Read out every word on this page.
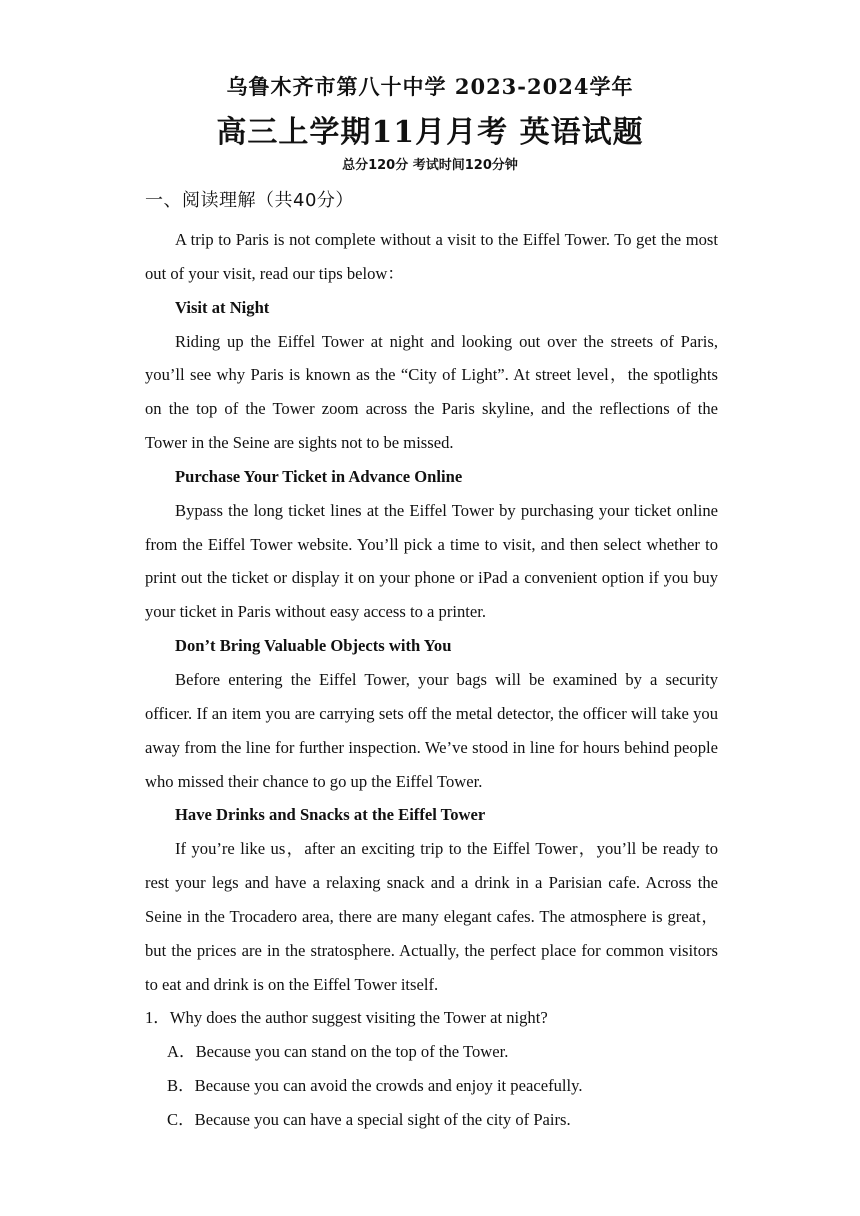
乌鲁木齐市第八十中学 2023-2024学年
高三上学期11月月考 英语试题
总分120分 考试时间120分钟
一、阅读理解（共40分）

A trip to Paris is not complete without a visit to the Eiffel Tower. To get the most out of your visit, read our tips below：

Visit at Night

Riding up the Eiffel Tower at night and looking out over the streets of Paris, you’ll see why Paris is known as the “City of Light”. At street level，the spotlights on the top of the Tower zoom across the Paris skyline, and the reflections of the Tower in the Seine are sights not to be missed.

Purchase Your Ticket in Advance Online

Bypass the long ticket lines at the Eiffel Tower by purchasing your ticket online from the Eiffel Tower website. You’ll pick a time to visit, and then select whether to print out the ticket or display it on your phone or iPad a convenient option if you buy your ticket in Paris without easy access to a printer.

Don’t Bring Valuable Objects with You

Before entering the Eiffel Tower, your bags will be examined by a security officer. If an item you are carrying sets off the metal detector, the officer will take you away from the line for further inspection. We’ve stood in line for hours behind people who missed their chance to go up the Eiffel Tower.

Have Drinks and Snacks at the Eiffel Tower

If you’re like us，after an exciting trip to the Eiffel Tower，you’ll be ready to rest your legs and have a relaxing snack and a drink in a Parisian cafe. Across the Seine in the Trocadero area, there are many elegant cafes. The atmosphere is great，but the prices are in the stratosphere. Actually, the perfect place for common visitors to eat and drink is on the Eiffel Tower itself.

1．Why does the author suggest visiting the Tower at night?
A．Because you can stand on the top of the Tower.
B．Because you can avoid the crowds and enjoy it peacefully.
C．Because you can have a special sight of the city of Pairs.
